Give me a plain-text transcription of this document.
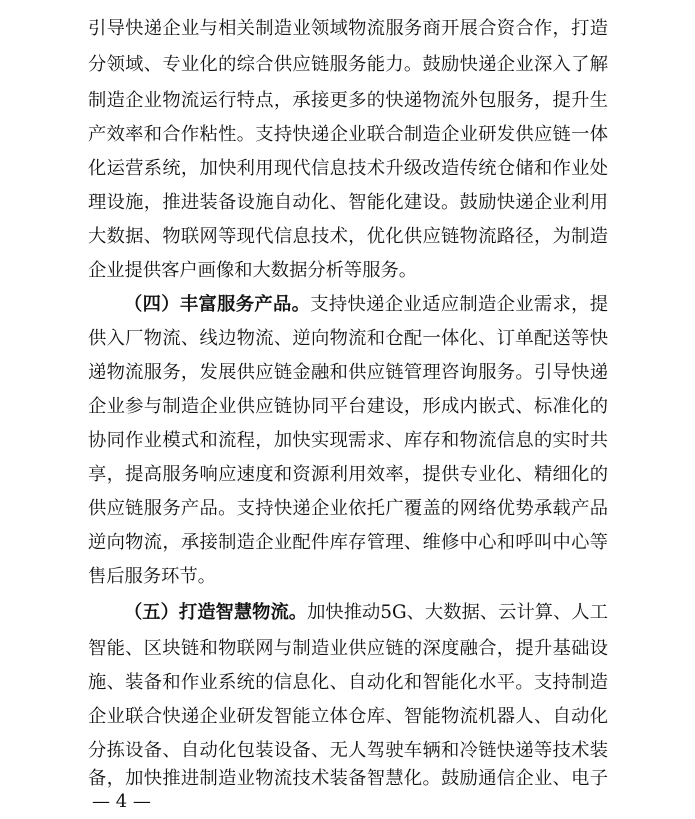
引导快递企业与相关制造业领域物流服务商开展合资合作，打造
分领域、专业化的综合供应链服务能力。鼓励快递企业深入了解
制造企业物流运行特点，承接更多的快递物流外包服务，提升生
产效率和合作粘性。支持快递企业联合制造企业研发供应链一体
化运营系统，加快利用现代信息技术升级改造传统仓储和作业处
理设施，推进装备设施自动化、智能化建设。鼓励快递企业利用
大数据、物联网等现代信息技术，优化供应链物流路径，为制造
企业提供客户画像和大数据分析等服务。
（四）丰富服务产品。支持快递企业适应制造企业需求，提
供入厂物流、线边物流、逆向物流和仓配一体化、订单配送等快
递物流服务，发展供应链金融和供应链管理咨询服务。引导快递
企业参与制造企业供应链协同平台建设，形成内嵌式、标准化的
协同作业模式和流程，加快实现需求、库存和物流信息的实时共
享，提高服务响应速度和资源利用效率，提供专业化、精细化的
供应链服务产品。支持快递企业依托广覆盖的网络优势承载产品
逆向物流，承接制造企业配件库存管理、维修中心和呼叫中心等
售后服务环节。
（五）打造智慧物流。加快推动5G、大数据、云计算、人工
智能、区块链和物联网与制造业供应链的深度融合，提升基础设
施、装备和作业系统的信息化、自动化和智能化水平。支持制造
企业联合快递企业研发智能立体仓库、智能物流机器人、自动化
分拣设备、自动化包装设备、无人驾驶车辆和冷链快递等技术装
备，加快推进制造业物流技术装备智慧化。鼓励通信企业、电子
— 4 —
